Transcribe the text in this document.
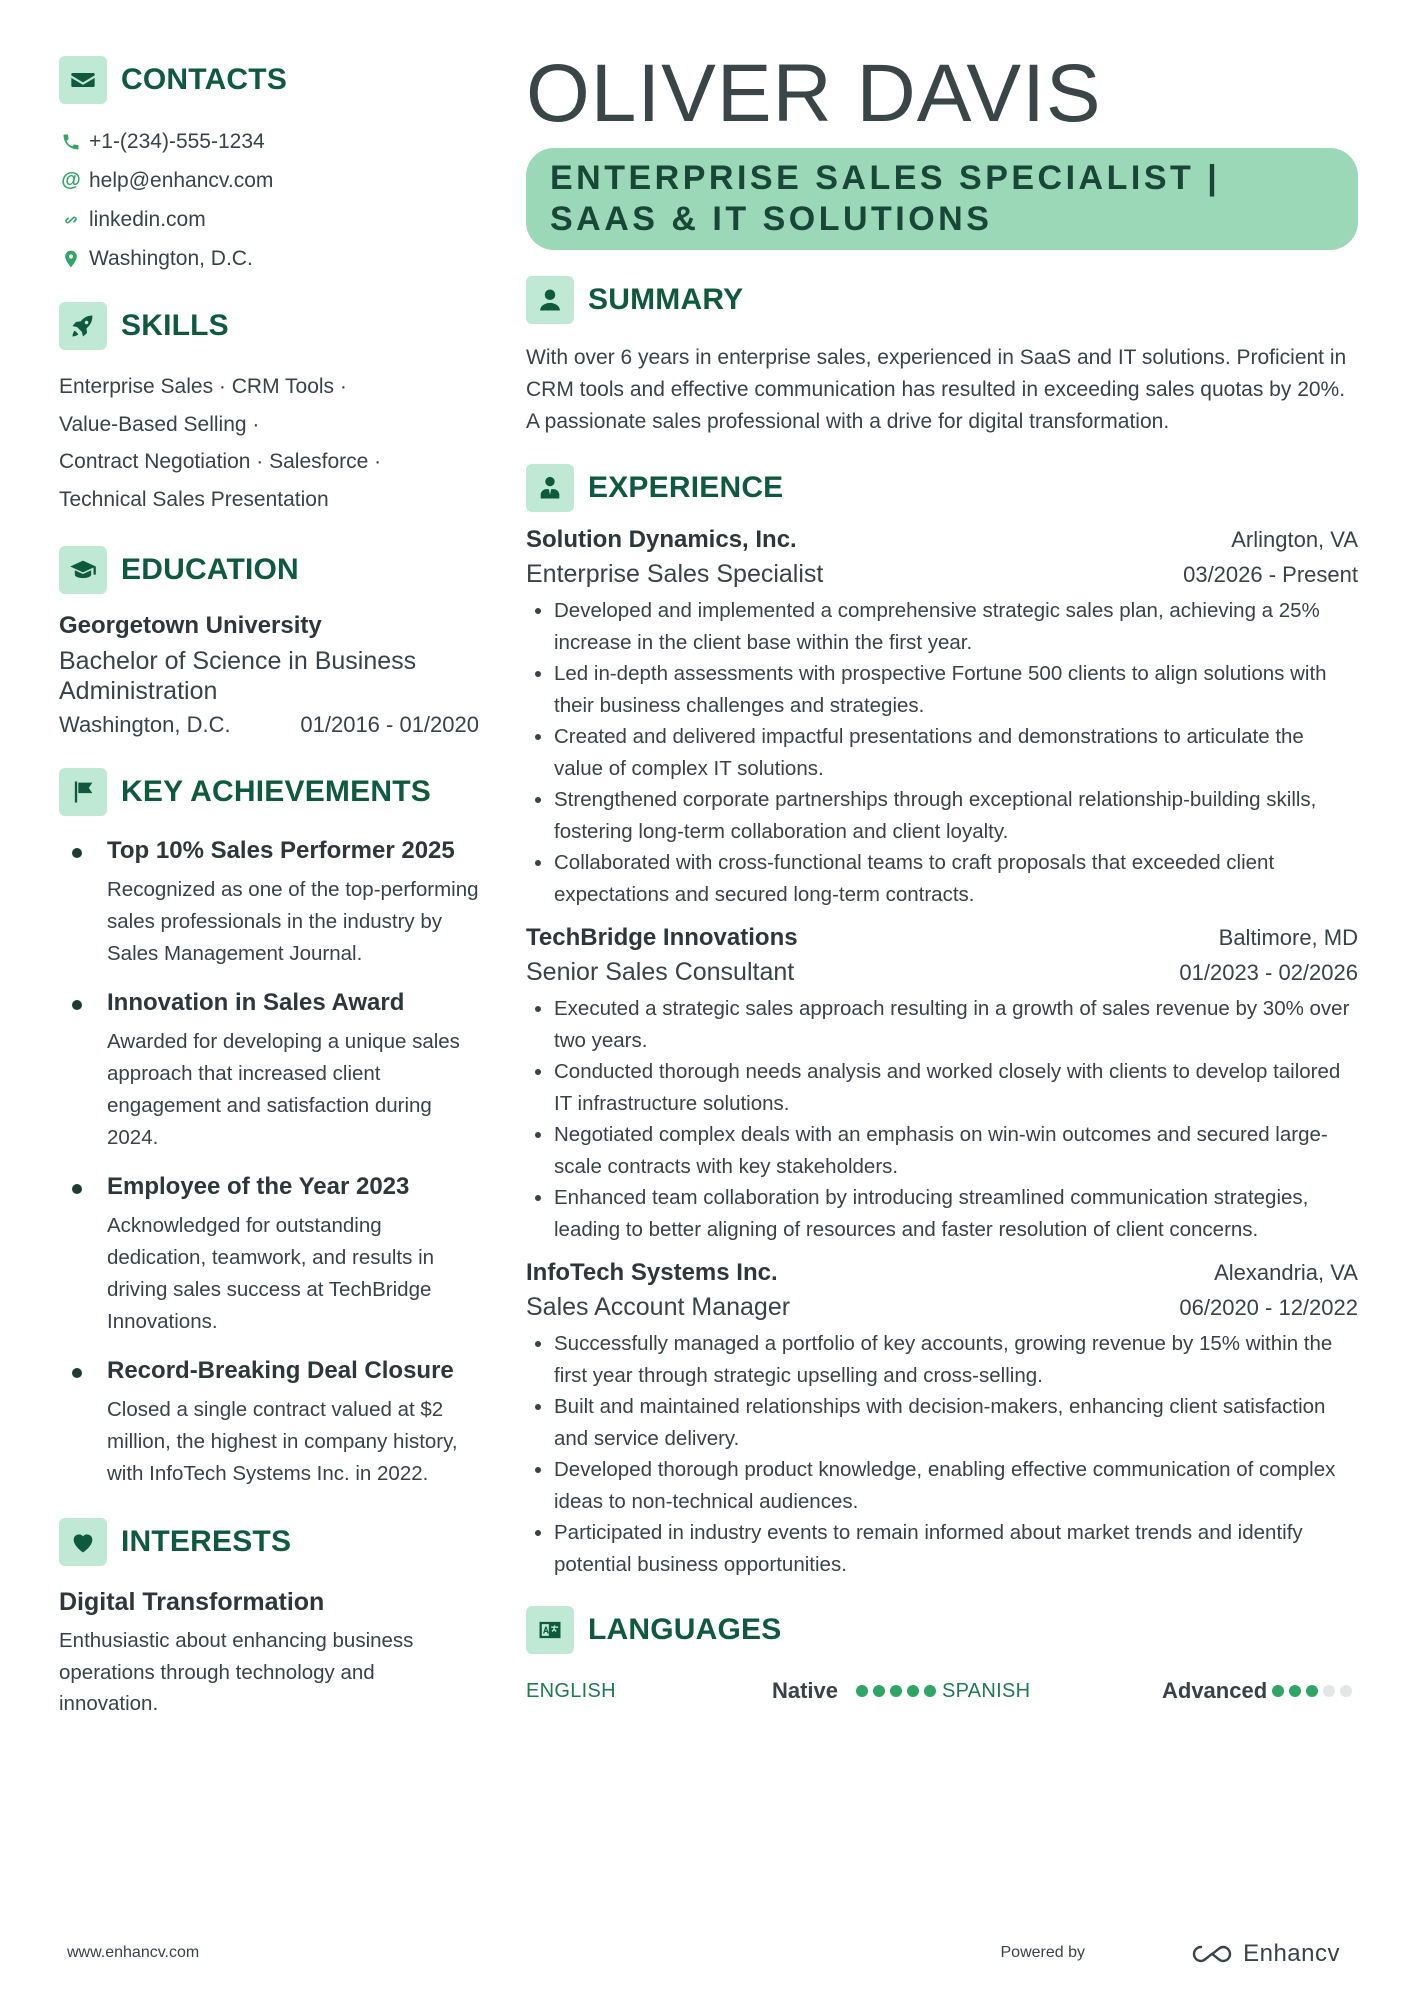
CONTACTS
+1-(234)-555-1234
@ help@enhancv.com
linkedin.com
Washington, D.C.
SKILLS
Enterprise Sales · CRM Tools ·
Value-Based Selling ·
Contract Negotiation · Salesforce ·
Technical Sales Presentation
EDUCATION
Georgetown University
Bachelor of Science in Business Administration
Washington, D.C.	01/2016 - 01/2020
KEY ACHIEVEMENTS
Top 10% Sales Performer 2025
Recognized as one of the top-performing sales professionals in the industry by Sales Management Journal.
Innovation in Sales Award
Awarded for developing a unique sales approach that increased client engagement and satisfaction during 2024.
Employee of the Year 2023
Acknowledged for outstanding dedication, teamwork, and results in driving sales success at TechBridge Innovations.
Record-Breaking Deal Closure
Closed a single contract valued at $2 million, the highest in company history, with InfoTech Systems Inc. in 2022.
INTERESTS
Digital Transformation
Enthusiastic about enhancing business operations through technology and innovation.
OLIVER DAVIS
ENTERPRISE SALES SPECIALIST | SAAS & IT SOLUTIONS
SUMMARY
With over 6 years in enterprise sales, experienced in SaaS and IT solutions. Proficient in CRM tools and effective communication has resulted in exceeding sales quotas by 20%. A passionate sales professional with a drive for digital transformation.
EXPERIENCE
Solution Dynamics, Inc.	Arlington, VA
Enterprise Sales Specialist	03/2026 - Present
Developed and implemented a comprehensive strategic sales plan, achieving a 25% increase in the client base within the first year.
Led in-depth assessments with prospective Fortune 500 clients to align solutions with their business challenges and strategies.
Created and delivered impactful presentations and demonstrations to articulate the value of complex IT solutions.
Strengthened corporate partnerships through exceptional relationship-building skills, fostering long-term collaboration and client loyalty.
Collaborated with cross-functional teams to craft proposals that exceeded client expectations and secured long-term contracts.
TechBridge Innovations	Baltimore, MD
Senior Sales Consultant	01/2023 - 02/2026
Executed a strategic sales approach resulting in a growth of sales revenue by 30% over two years.
Conducted thorough needs analysis and worked closely with clients to develop tailored IT infrastructure solutions.
Negotiated complex deals with an emphasis on win-win outcomes and secured large-scale contracts with key stakeholders.
Enhanced team collaboration by introducing streamlined communication strategies, leading to better aligning of resources and faster resolution of client concerns.
InfoTech Systems Inc.	Alexandria, VA
Sales Account Manager	06/2020 - 12/2022
Successfully managed a portfolio of key accounts, growing revenue by 15% within the first year through strategic upselling and cross-selling.
Built and maintained relationships with decision-makers, enhancing client satisfaction and service delivery.
Developed thorough product knowledge, enabling effective communication of complex ideas to non-technical audiences.
Participated in industry events to remain informed about market trends and identify potential business opportunities.
LANGUAGES
ENGLISH	Native	SPANISH	Advanced
www.enhancv.com	Powered by	Enhancv
